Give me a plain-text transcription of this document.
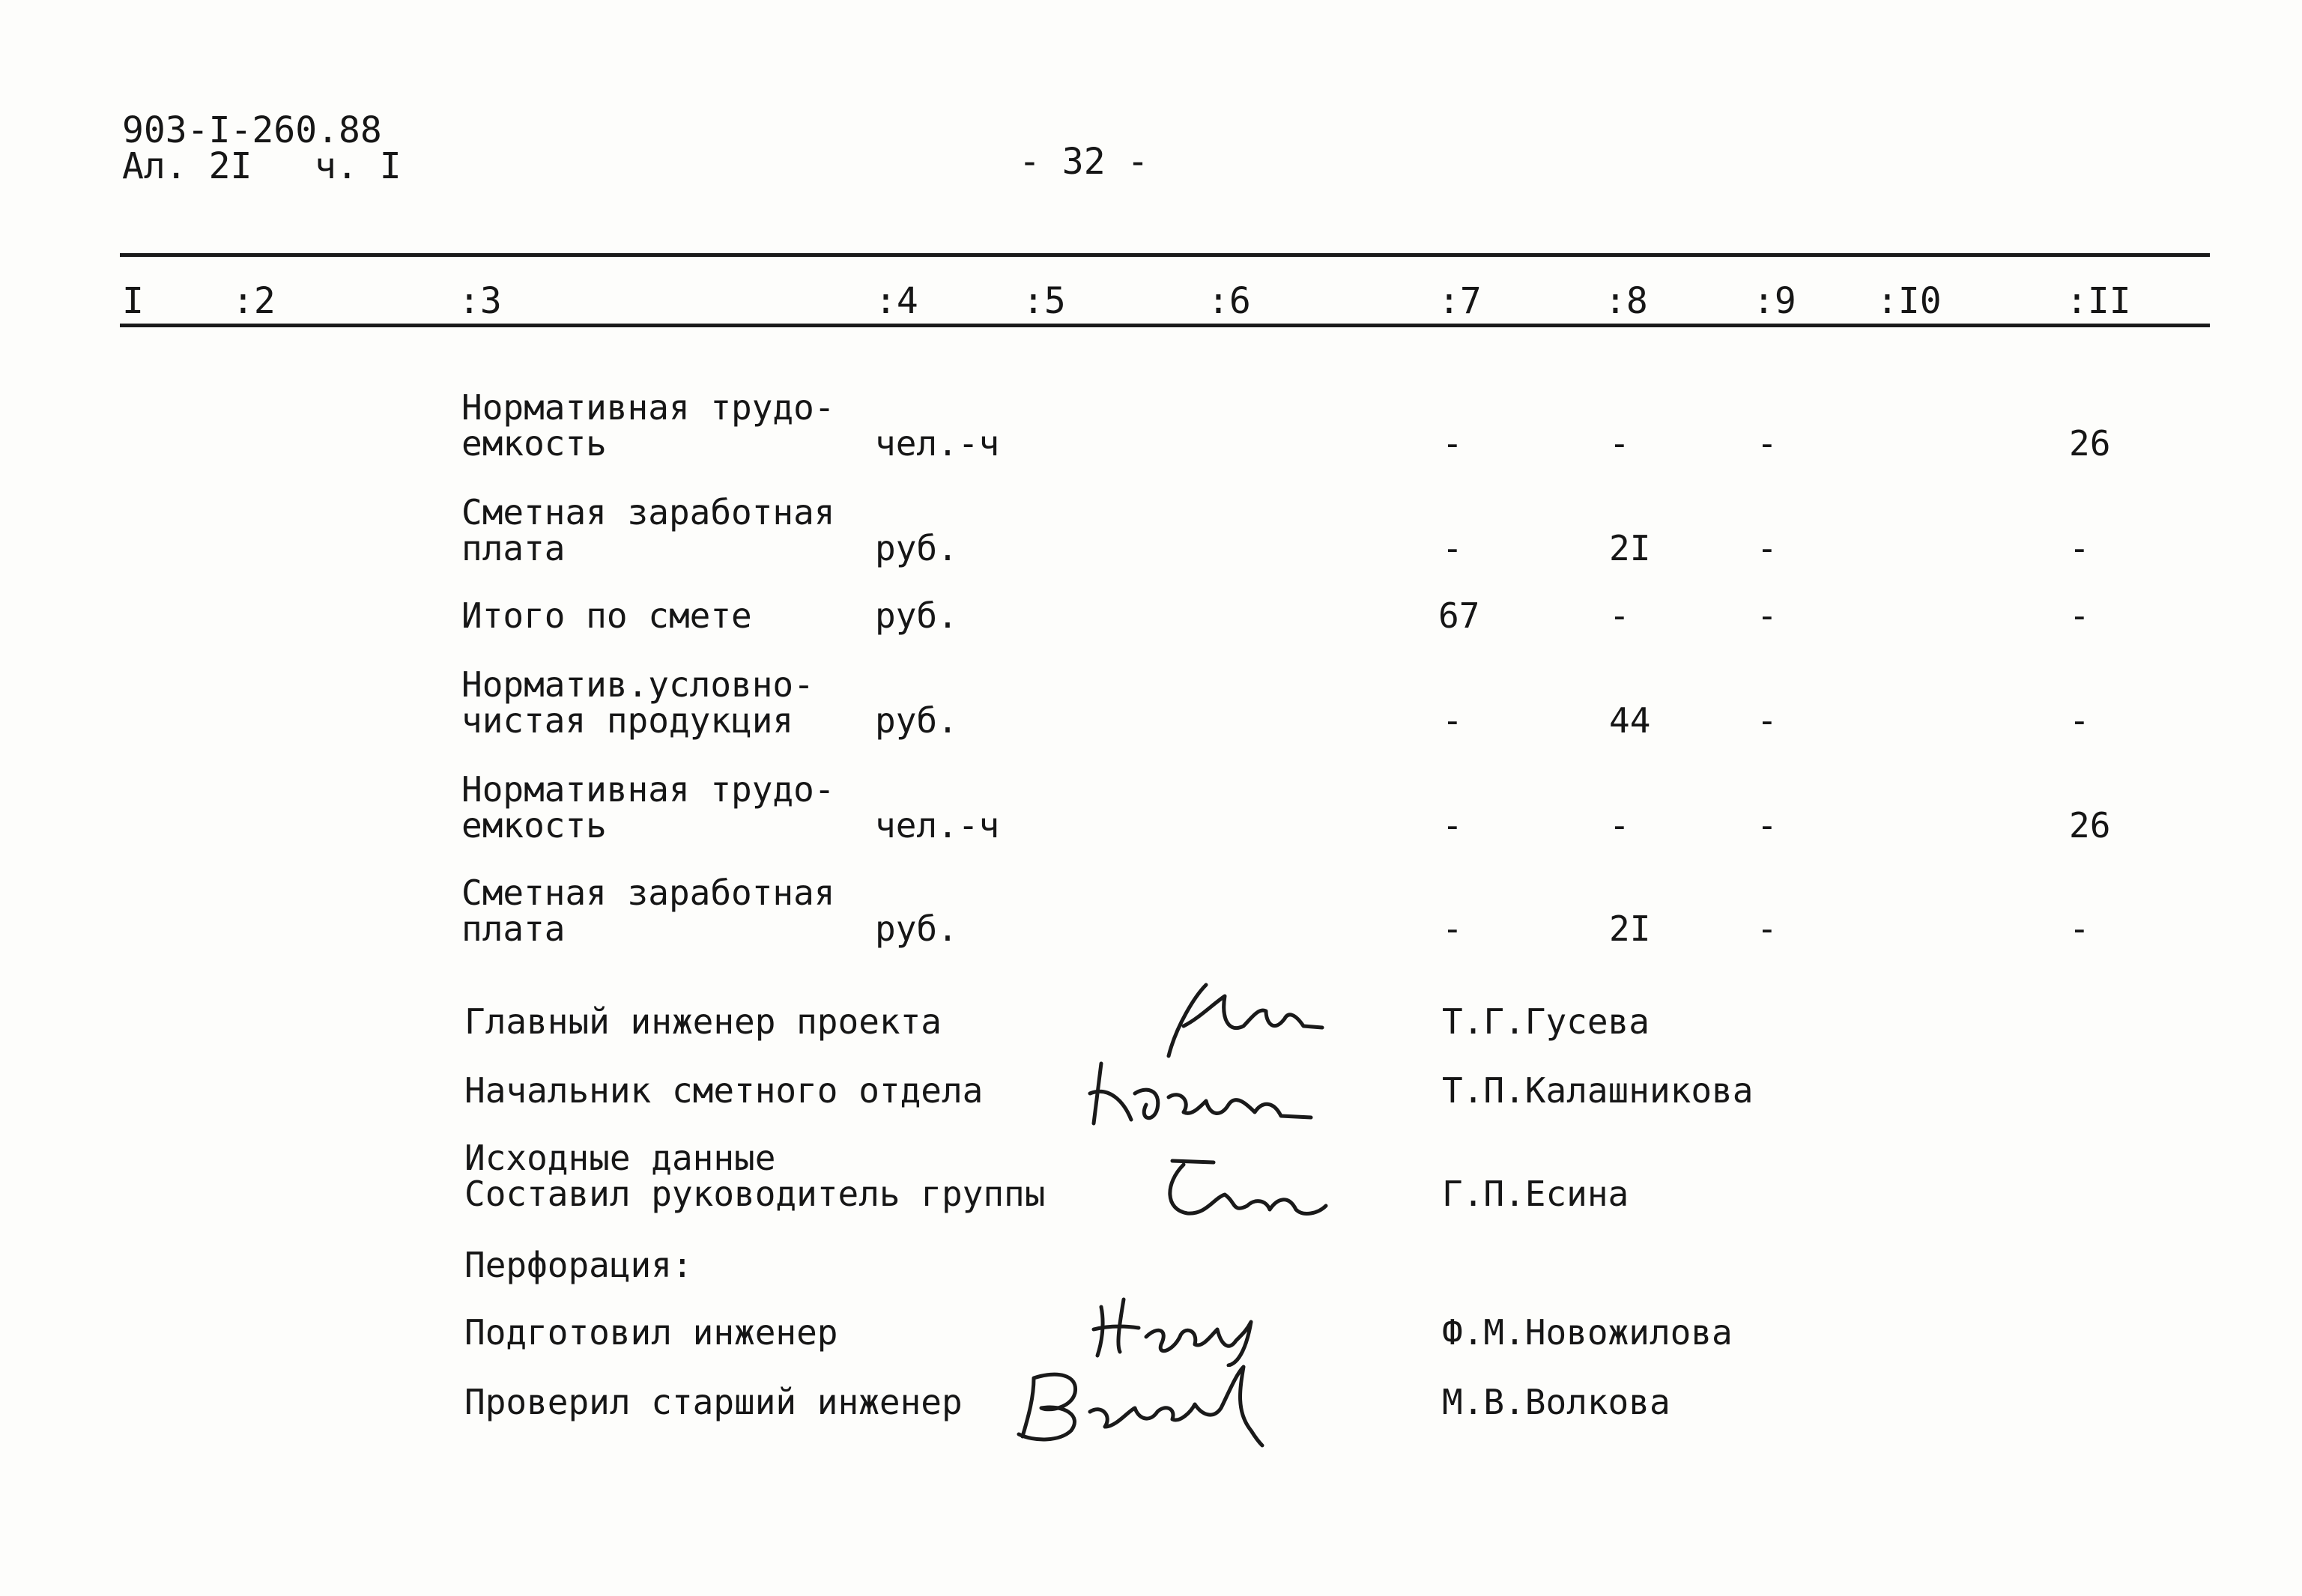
903-I-260.88
Ал. 2I ч. I	- 32 -
I :2	:3	:4	:5	:6	:7	:8	:9 :I0	:II
Нормативная трудо-
емкость	чел.-ч	-	-	-	26
Сметная заработная
плата	руб.	-	2I	-	-
Итого по смете	руб.	67	-	-	-
Норматив.условно-
чистая продукция руб.	-	44	-	-
Нормативная трудо-
емкость	чел.-ч	-	-	-	26
Сметная заработная
плата	руб.	-	2I	-	-
Главный инженер проекта	Т.Г.Гусева
Начальник сметного отдела	Т.П.Калашникова
Исходные данные
Составил руководитель группы	Г.П.Есина
Перфорация:
Подготовил инженер	Ф.М.Новожилова
Проверил старший инженер	М.В.Волкова
